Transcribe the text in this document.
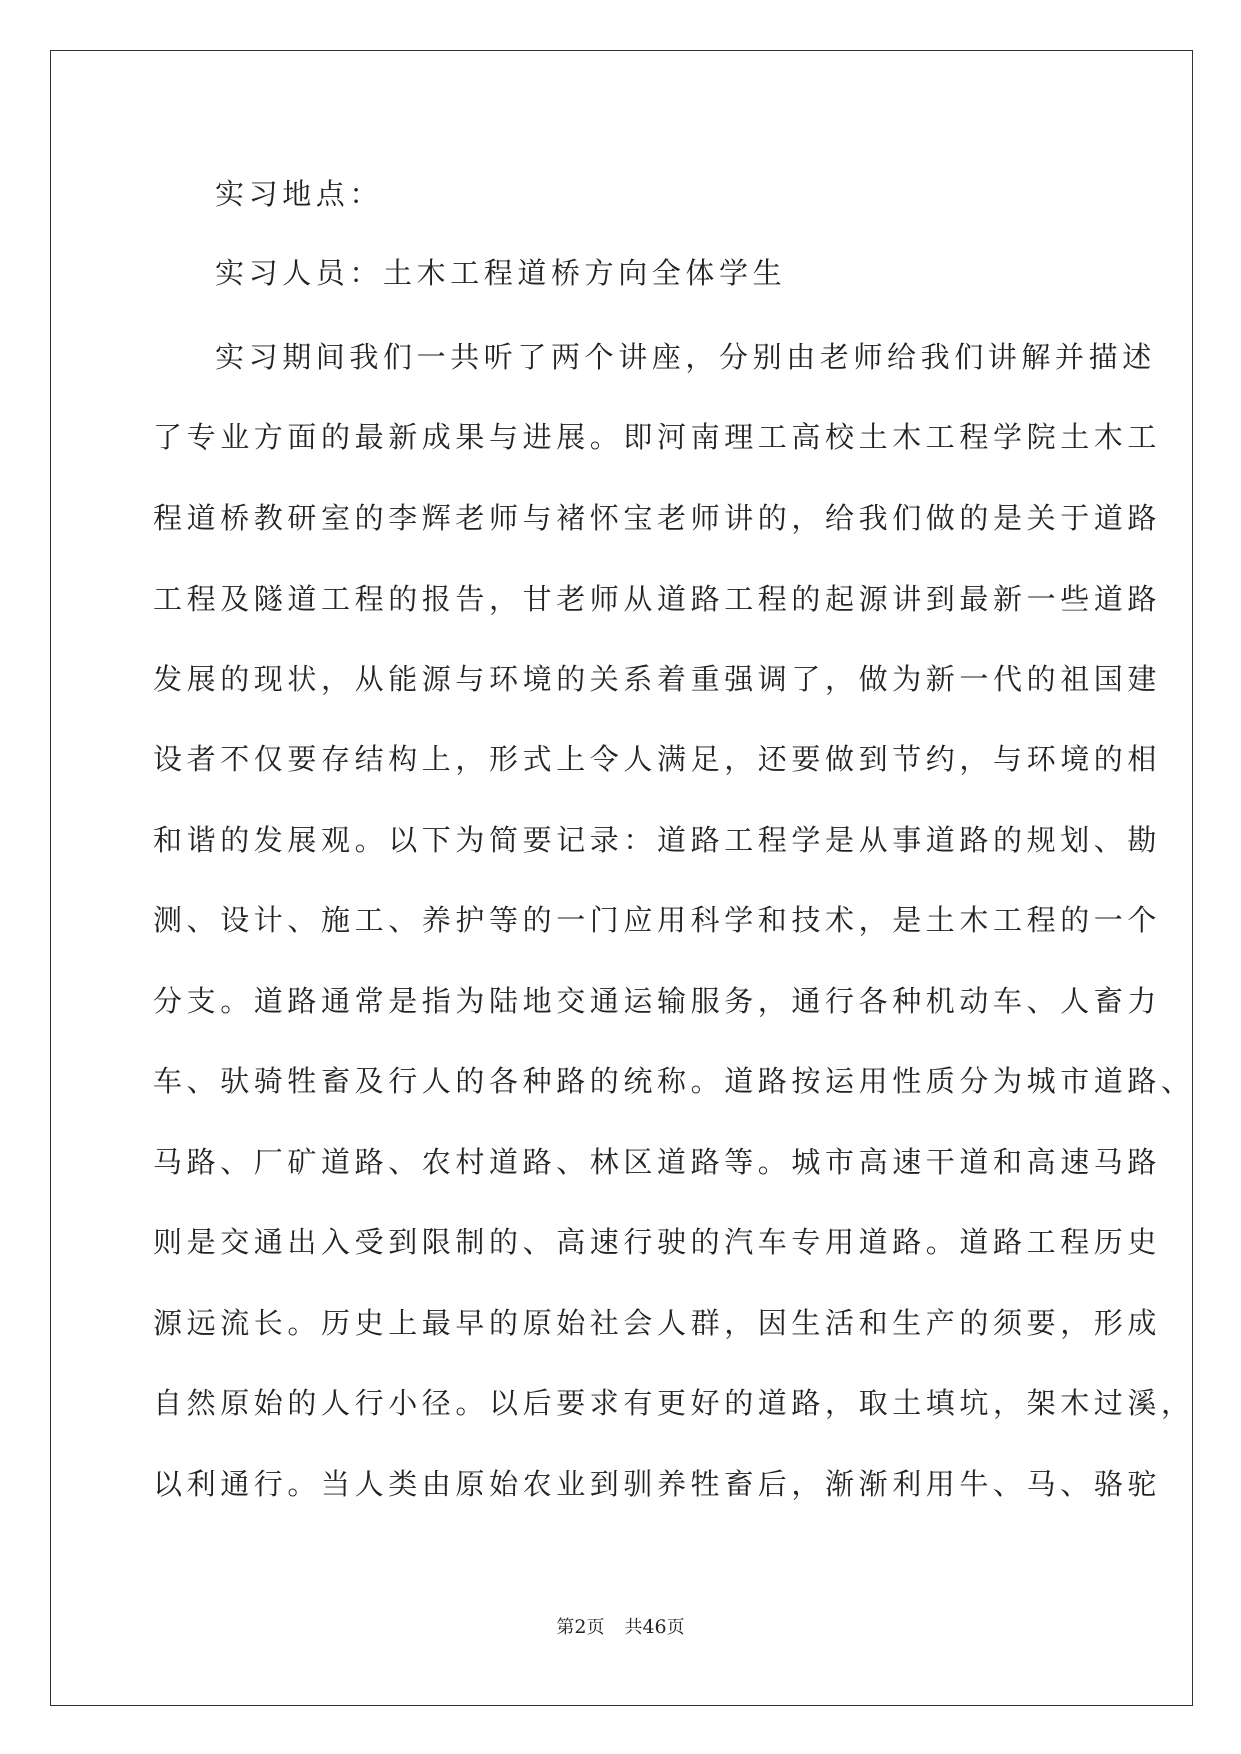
实习地点：
实习人员：土木工程道桥方向全体学生
实习期间我们一共听了两个讲座，分别由老师给我们讲解并描述
了专业方面的最新成果与进展。即河南理工高校土木工程学院土木工
程道桥教研室的李辉老师与褚怀宝老师讲的，给我们做的是关于道路
工程及隧道工程的报告，甘老师从道路工程的起源讲到最新一些道路
发展的现状，从能源与环境的关系着重强调了，做为新一代的祖国建
设者不仅要存结构上，形式上令人满足，还要做到节约，与环境的相
和谐的发展观。以下为简要记录：道路工程学是从事道路的规划、勘
测、设计、施工、养护等的一门应用科学和技术，是土木工程的一个
分支。道路通常是指为陆地交通运输服务，通行各种机动车、人畜力
车、驮骑牲畜及行人的各种路的统称。道路按运用性质分为城市道路、
马路、厂矿道路、农村道路、林区道路等。城市高速干道和高速马路
则是交通出入受到限制的、高速行驶的汽车专用道路。道路工程历史
源远流长。历史上最早的原始社会人群，因生活和生产的须要，形成
自然原始的人行小径。以后要求有更好的道路，取土填坑，架木过溪，
以利通行。当人类由原始农业到驯养牲畜后，渐渐利用牛、马、骆驼
第2页 共46页
